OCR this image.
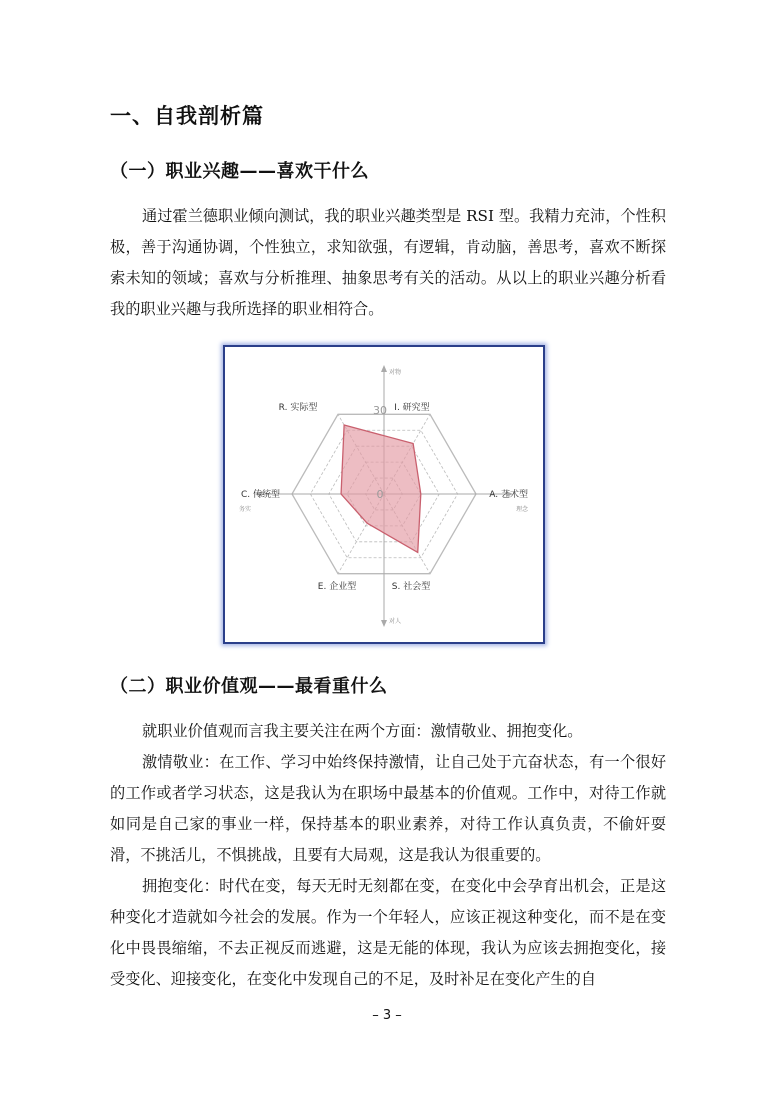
一、自我剖析篇
（一）职业兴趣——喜欢干什么

通过霍兰德职业倾向测试，我的职业兴趣类型是 RSI 型。我精力充沛，个性积极，善于沟通协调，个性独立，求知欲强，有逻辑，肯动脑，善思考，喜欢不断探索未知的领域；喜欢与分析推理、抽象思考有关的活动。从以上的职业兴趣分析看我的职业兴趣与我所选择的职业相符合。

R. 实际型	I. 研究型
A. 艺术型
S. 社会型
E. 企业型
C. 传统型
30
0
对物
对人
务实	理念
（二）职业价值观——最看重什么

就职业价值观而言我主要关注在两个方面：激情敬业、拥抱变化。

激情敬业：在工作、学习中始终保持激情，让自己处于亢奋状态，有一个很好的工作或者学习状态，这是我认为在职场中最基本的价值观。工作中，对待工作就如同是自己家的事业一样，保持基本的职业素养，对待工作认真负责，不偷奸耍滑，不挑活儿，不惧挑战，且要有大局观，这是我认为很重要的。

拥抱变化：时代在变，每天无时无刻都在变，在变化中会孕育出机会，正是这种变化才造就如今社会的发展。作为一个年轻人，应该正视这种变化，而不是在变化中畏畏缩缩，不去正视反而逃避，这是无能的体现，我认为应该去拥抱变化，接受变化、迎接变化，在变化中发现自己的不足，及时补足在变化产生的自

– 3 –
